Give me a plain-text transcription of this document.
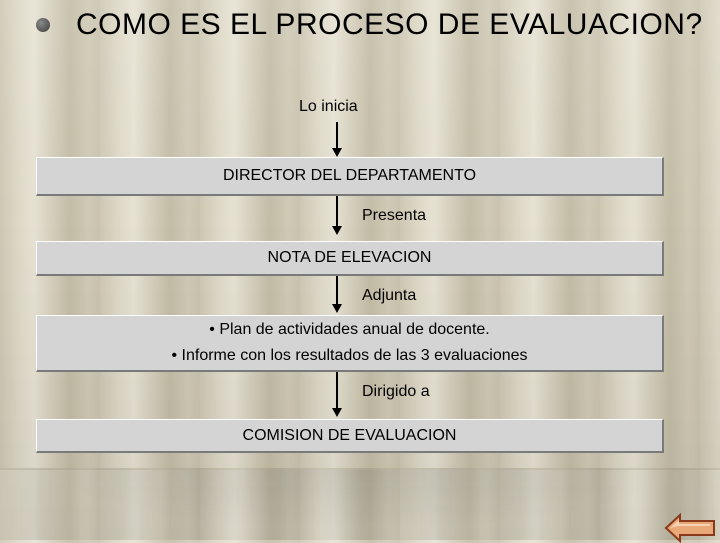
COMO ES EL PROCESO DE EVALUACION?
Lo inicia
DIRECTOR DEL DEPARTAMENTO
Presenta
NOTA DE ELEVACION
Adjunta
• Plan de actividades anual de docente.
• Informe con los resultados de las 3 evaluaciones
Dirigido a
COMISION DE EVALUACION
